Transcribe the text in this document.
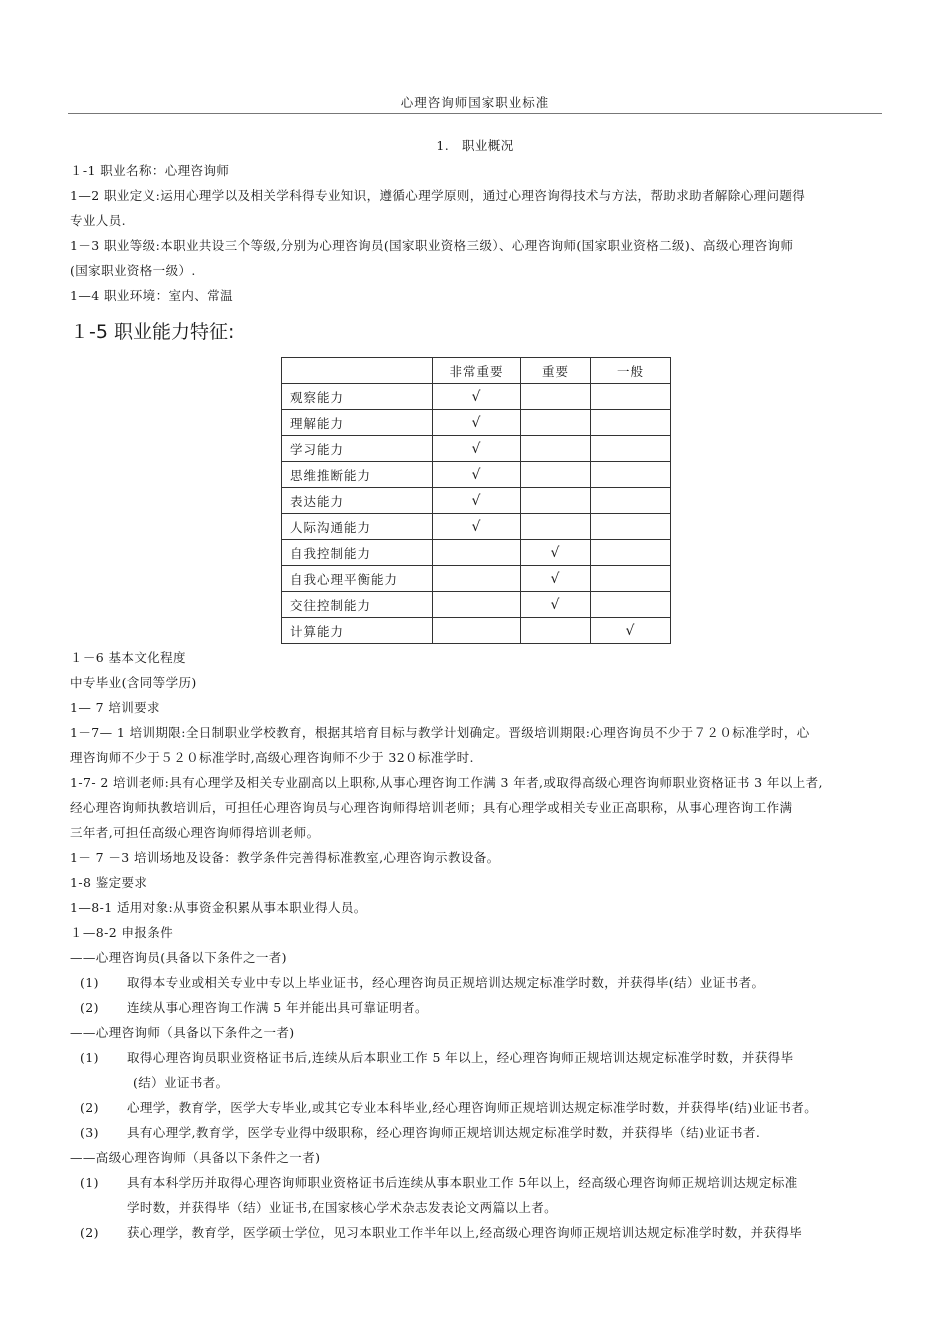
心理咨询师国家职业标准
1.　职业概况
１-1 职业名称：心理咨询师
1—2 职业定义:运用心理学以及相关学科得专业知识，遵循心理学原则，通过心理咨询得技术与方法，帮助求助者解除心理问题得
专业人员.
1－3 职业等级:本职业共设三个等级,分别为心理咨询员(国家职业资格三级）、心理咨询师(国家职业资格二级)、高级心理咨询师
(国家职业资格一级）.
1—4 职业环境：室内、常温
１-5 职业能力特征:
	非常重要	重要	一般
观察能力	√		
理解能力	√		
学习能力	√		
思维推断能力	√		
表达能力	√		
人际沟通能力	√		
自我控制能力		√	
自我心理平衡能力		√	
交往控制能力		√	
计算能力			√
１－6 基本文化程度
中专毕业(含同等学历)
1— 7 培训要求
1－7— 1 培训期限:全日制职业学校教育，根据其培育目标与教学计划确定。晋级培训期限:心理咨询员不少于７２０标准学时，心
理咨询师不少于５２０标准学时,高级心理咨询师不少于 32０标准学时.
1-7- 2 培训老师:具有心理学及相关专业副高以上职称,从事心理咨询工作满 3 年者,或取得高级心理咨询师职业资格证书 3 年以上者,
经心理咨询师执教培训后，可担任心理咨询员与心理咨询师得培训老师；具有心理学或相关专业正高职称，从事心理咨询工作满
三年者,可担任高级心理咨询师得培训老师。
1－ 7 －3 培训场地及设备：教学条件完善得标准教室,心理咨询示教设备。
1-8 鉴定要求
1—8-1 适用对象:从事资金积累从事本职业得人员。
１—8-2 申报条件
——心理咨询员(具备以下条件之一者)
(1) 取得本专业或相关专业中专以上毕业证书，经心理咨询员正规培训达规定标准学时数，并获得毕(结）业证书者。
(2) 连续从事心理咨询工作满 5 年并能出具可靠证明者。
——心理咨询师（具备以下条件之一者)
(1) 取得心理咨询员职业资格证书后,连续从后本职业工作 5 年以上，经心理咨询师正规培训达规定标准学时数，并获得毕
(结）业证书者。
(2) 心理学，教育学，医学大专毕业,或其它专业本科毕业,经心理咨询师正规培训达规定标准学时数，并获得毕(结)业证书者。
(3) 具有心理学,教育学，医学专业得中级职称，经心理咨询师正规培训达规定标准学时数，并获得毕（结)业证书者.
——高级心理咨询师（具备以下条件之一者)
(1) 具有本科学历并取得心理咨询师职业资格证书后连续从事本职业工作 5年以上，经高级心理咨询师正规培训达规定标准
学时数，并获得毕（结）业证书,在国家核心学术杂志发表论文两篇以上者。
(2) 获心理学，教育学，医学硕士学位，见习本职业工作半年以上,经高级心理咨询师正规培训达规定标准学时数，并获得毕
